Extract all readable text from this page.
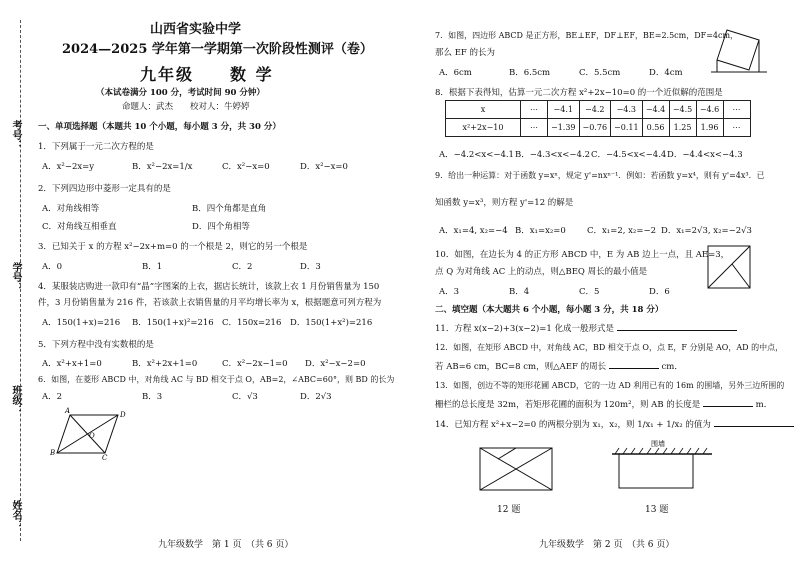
考号：
学号：
班级：
姓名：
山西省实验中学
2024—2025 学年第一学期第一次阶段性测评（卷）
九年级　　数 学
（本试卷满分 100 分，考试时间 90 分钟）
命题人：武杰　　校对人：牛婷婷
一、单项选择题（本题共 10 个小题，每小题 3 分，共 30 分）
1．下列属于一元二次方程的是
A．x²−2x=y	B．x²−2x=1/x	C．x²−x=0	D．x²−x=0
2．下列四边形中菱形一定具有的是
A．对角线相等	B．四个角都是直角
C．对角线互相垂直	D．四个角相等
3．已知关于 x 的方程 x²−2x+m=0 的一个根是 2，则它的另一个根是
A．0	B．1	C．2	D．3
4．某服装店购进一款印有“晶”字图案的上衣，据店长统计，该款上衣 1 月份销售量为 150
件，3 月份销售量为 216 件，若该款上衣销售量的月平均增长率为 x，根据题意可列方程为
A．150(1+x)=216 B．150(1+x)²=216 C．150x=216 D．150(1+x²)=216
5．下列方程中没有实数根的是
A．x²+x+1=0	B．x²+2x+1=0	C．x²−2x−1=0 D．x²−x−2=0
6．如图，在菱形 ABCD 中，对角线 AC 与 BD 相交于点 O，AB=2，∠ABC=60°，则 BD 的长为
A．2	B．3	C．√3	D．2√3
A	D
O
B
C
九年级数学　第 1 页　（共 6 页）
7．如图，四边形 ABCD 是正方形，BE⊥EF，DF⊥EF，BE=2.5cm，DF=4cm，
那么 EF 的长为
A．6cm	B．6.5cm	C．5.5cm	D．4cm
8．根据下表得知，估算一元二次方程 x²+2x−10=0 的一个近似解的范围是
x	⋯	−4.1	−4.2	−4.3	−4.4	−4.5	−4.6	⋯
x²+2x−10	⋯	−1.39	−0.76	−0.11	0.56	1.25	1.96	⋯
A．−4.2<x<−4.1 B．−4.3<x<−4.2 C．−4.5<x<−4.4 D．−4.4<x<−4.3
9．给出一种运算：对于函数 y=xⁿ，规定 y'=nxⁿ⁻¹．例如：若函数 y=x⁴，则有 y'=4x³．已
知函数 y=x³，则方程 y'=12 的解是
A．x₁=4, x₂=−4 B．x₁=x₂=0 C．x₁=2, x₂=−2 D．x₁=2√3, x₂=−2√3
10．如图，在边长为 4 的正方形 ABCD 中，E 为 AB 边上一点，且 AE=3，
点 Q 为对角线 AC 上的动点，则△BEQ 周长的最小值是
A．3	B．4	C．5	D．6
二、填空题（本大题共 6 个小题，每小题 3 分，共 18 分）
11．方程 x(x−2)+3(x−2)=1 化成一般形式是
12．如图，在矩形 ABCD 中，对角线 AC，BD 相交于点 O，点 E，F 分别是 AO，AD 的中点，
若 AB=6 cm，BC=8 cm，则△AEF 的周长	cm．
13．如图，创边不等的矩形花圃 ABCD，它的一边 AD 利用已有的 16m 的围墙，另外三边所围的
栅栏的总长度是 32m，若矩形花圃的面积为 120m²，则 AB 的长度是	m．
14．已知方程 x²+x−2=0 的两根分别为 x₁，x₂，则 1/x₁ + 1/x₂ 的值为
12 题
围墙
13 题
九年级数学　第 2 页　（共 6 页）
